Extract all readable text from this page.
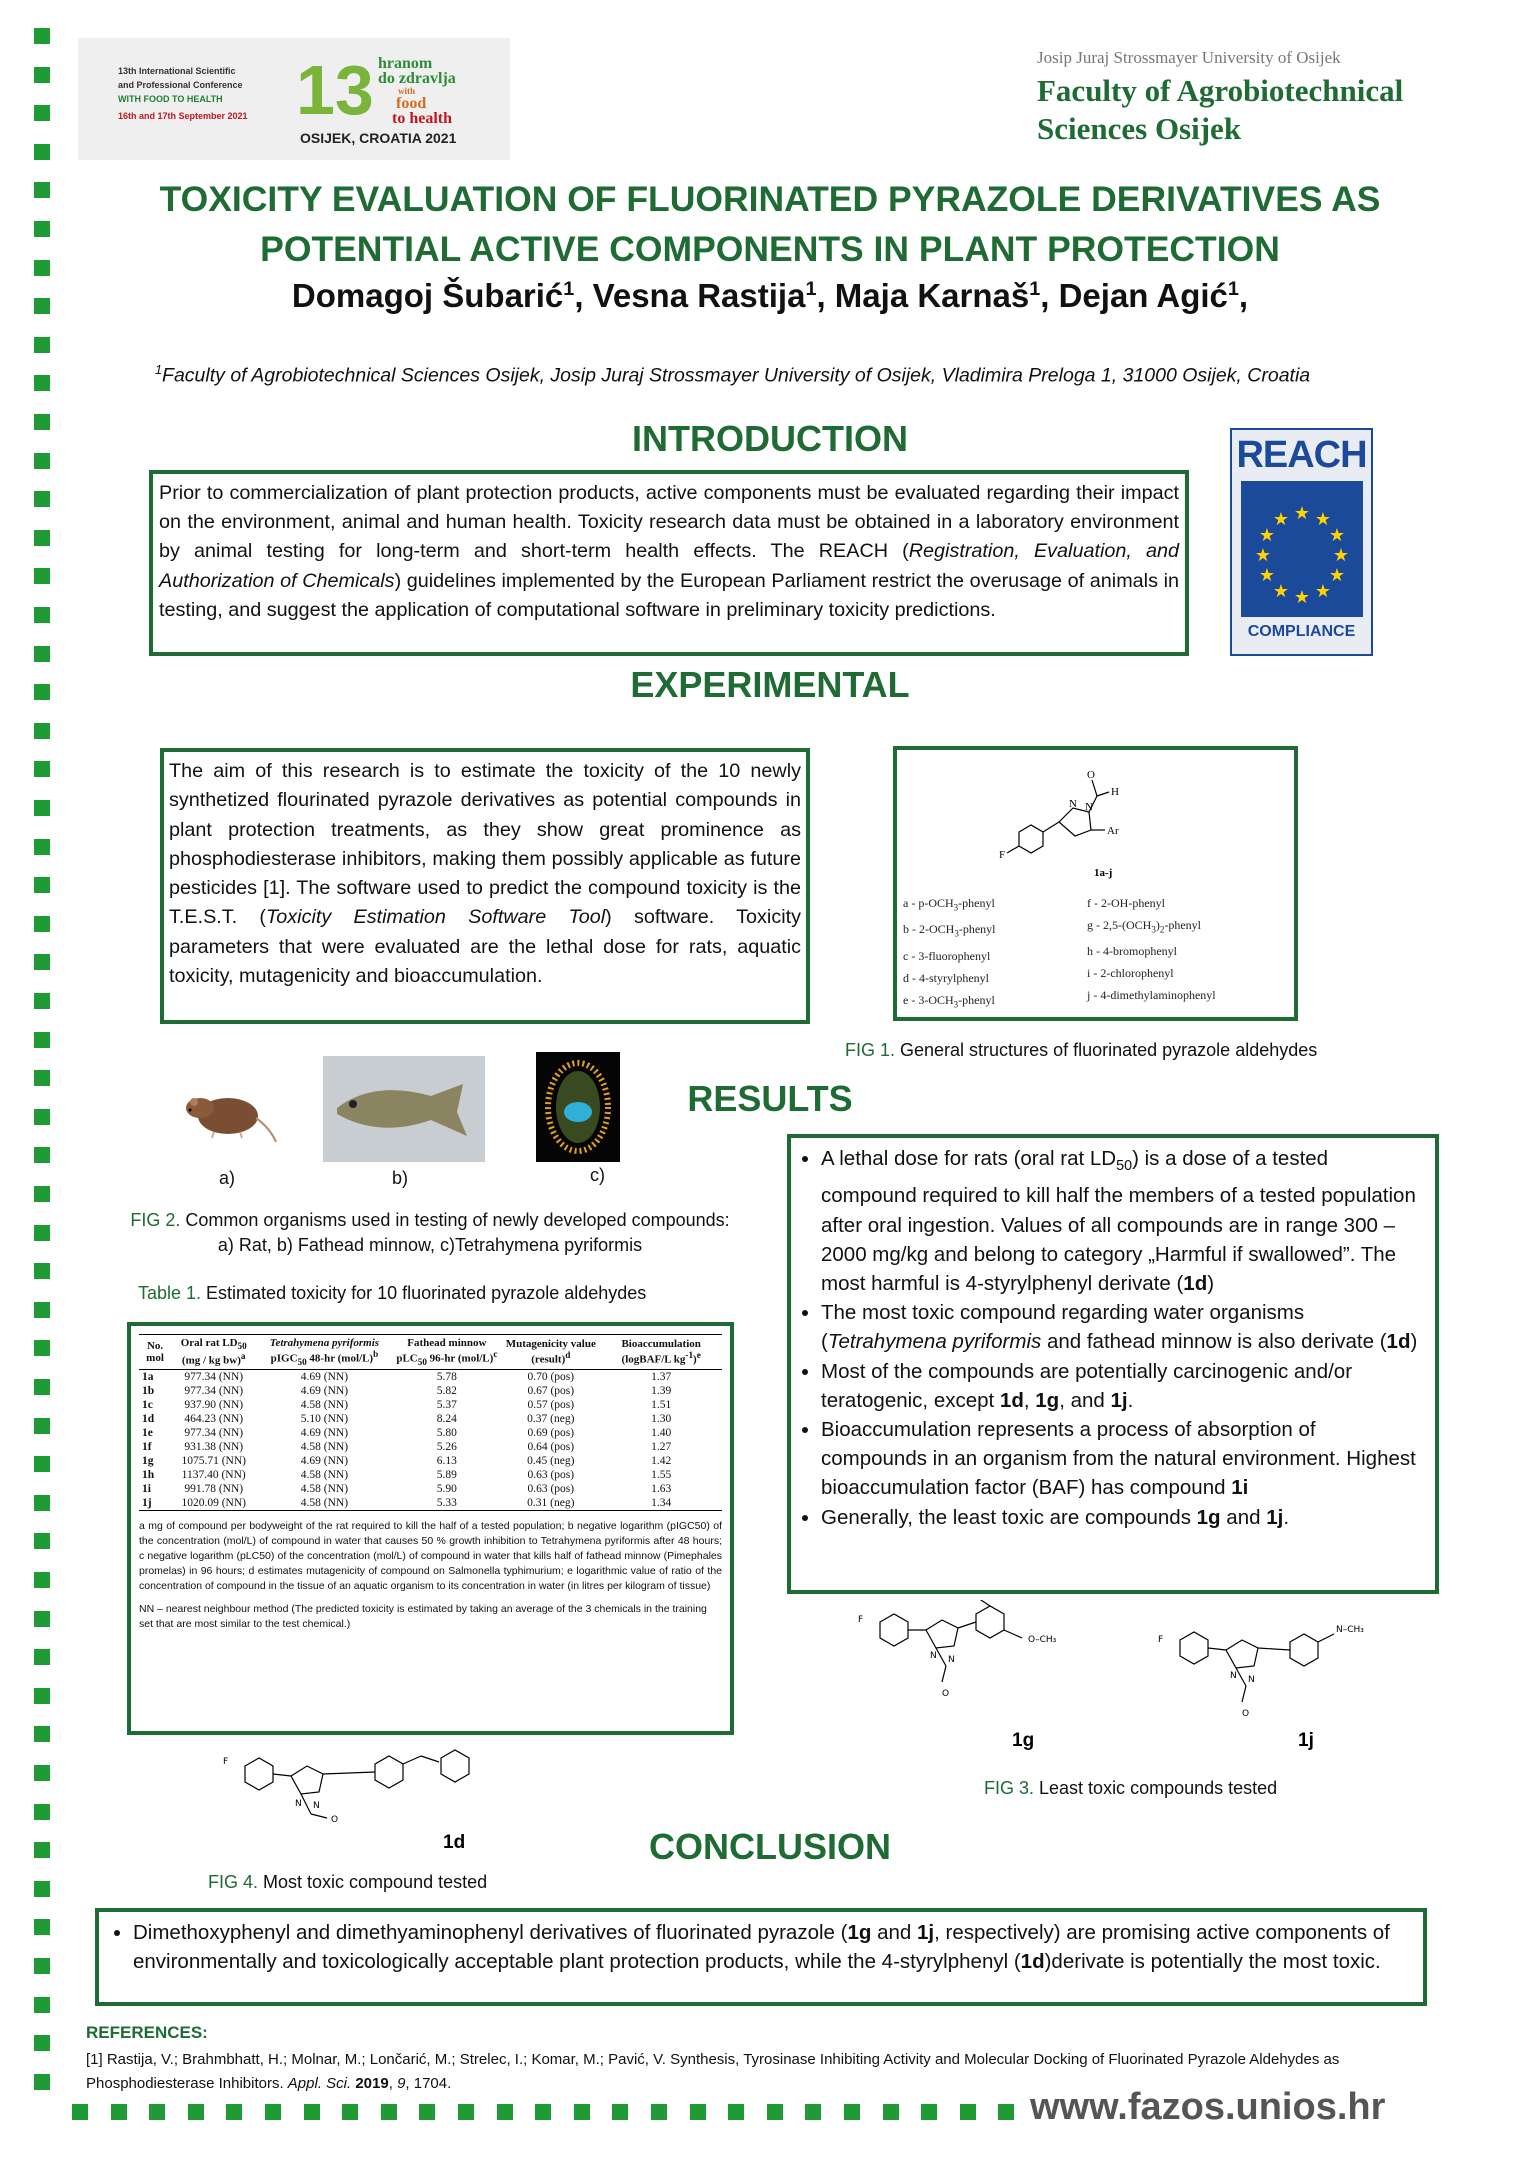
13th International Scientific
and Professional Conference
WITH FOOD TO HEALTH
16th and 17th September 2021 13 hranom
do zdravlja
with
food
to health
OSIJEK, CROATIA 2021
Josip Juraj Strossmayer University of Osijek
Faculty of Agrobiotechnical
Sciences Osijek
TOXICITY EVALUATION OF FLUORINATED PYRAZOLE DERIVATIVES AS
POTENTIAL ACTIVE COMPONENTS IN PLANT PROTECTION
Domagoj Šubarić$^1$, Vesna Rastija$^1$, Maja Karnaš$^1$, Dejan Agić$^1$,
$^1$Faculty of Agrobiotechnical Sciences Osijek, Josip Juraj Strossmayer University of Osijek, Vladimira Preloga 1, 31000 Osijek, Croatia
INTRODUCTION
Prior to commercialization of plant protection products, active components must be evaluated regarding their impact on the environment, animal and human health. Toxicity research data must be obtained in a laboratory environment by animal testing for long-term and short-term health effects. The REACH (Registration, Evaluation, and Authorization of Chemicals) guidelines implemented by the European Parliament restrict the overusage of animals in testing, and suggest the application of computational software in preliminary toxicity predictions.
REACH
★ ★
★
★
★
★
★
★
★
★
★
★
COMPLIANCE
EXPERIMENTAL
The aim of this research is to estimate the toxicity of the 10 newly synthetized flourinated pyrazole derivatives as potential compounds in plant protection treatments, as they show great prominence as phosphodiesterase inhibitors, making them possibly applicable as future pesticides [1]. The software used to predict the compound toxicity is the T.E.S.T. (Toxicity Estimation Software Tool) software. Toxicity parameters that were evaluated are the lethal dose for rats, aquatic toxicity, mutagenicity and bioaccumulation.
F
N N
O
H
Ar
1a-j
a - $p-OCH_3$-phenyl
b - $2-OCH_3$-phenyl
c - 3-fluorophenyl
d - 4-styrylphenyl
e - $3-OCH_3$-phenyl
f - 2-OH-phenyl
g - $2,5-(OCH_3)_2$-phenyl
h - 4-bromophenyl
i - 2-chlorophenyl
j - 4-dimethylaminophenyl
FIG 1. General structures of fluorinated pyrazole aldehydes
a)	b)	c)
FIG 2. Common organisms used in testing of newly developed compounds:
a) Rat, b) Fathead minnow, c)Tetrahymena pyriformis
Table 1. Estimated toxicity for 10 fluorinated pyrazole aldehydes
No. mol	Oral rat $LD_{50}$ (mg / kg bw)$^a$	Tetrahymena pyriformis pIGC$_{50}$ 48-hr $(mol/L)^b$	Fathead minnow pLC$_{50}$ 96-hr $(mol/L)^c$	Mutagenicity value (result)$^d$	Bioaccumulation (logBAF/L $kg^{-1})^e$
1a	977.34 (NN)	4.69 (NN)	5.78	0.70 (pos)	1.37
1b	977.34 (NN)	4.69 (NN)	5.82	0.67 (pos)	1.39
1c	937.90 (NN)	4.58 (NN)	5.37	0.57 (pos)	1.51
1d	464.23 (NN)	5.10 (NN)	8.24	0.37 (neg)	1.30
1e	977.34 (NN)	4.69 (NN)	5.80	0.69 (pos)	1.40
1f	931.38 (NN)	4.58 (NN)	5.26	0.64 (pos)	1.27
1g	1075.71 (NN)	4.69 (NN)	6.13	0.45 (neg)	1.42
1h	1137.40 (NN)	4.58 (NN)	5.89	0.63 (pos)	1.55
1i	991.78 (NN)	4.58 (NN)	5.90	0.63 (pos)	1.63
1j	1020.09 (NN)	4.58 (NN)	5.33	0.31 (neg)	1.34
a mg of compound per bodyweight of the rat required to kill the half of a tested population; b negative logarithm (pIGC50) of the concentration (mol/L) of compound in water that causes 50 % growth inhibition to Tetrahymena pyriformis after 48 hours; c negative logarithm (pLC50) of the concentration (mol/L) of compound in water that kills half of fathead minnow (Pimephales promelas) in 96 hours; d estimates mutagenicity of compound on Salmonella typhimurium; e logarithmic value of ratio of the concentration of compound in the tissue of an aquatic organism to its concentration in water (in litres per kilogram of tissue)
NN – nearest neighbour method (The predicted toxicity is estimated by taking an average of the 3 chemicals in the training set that are most similar to the test chemical.)
RESULTS
• A lethal dose for rats (oral rat $LD_{50}$) is a dose of a tested compound required to kill half the members of a tested population after oral ingestion. Values of all compounds are in range 300 – 2000 mg/kg and belong to category „Harmful if swallowed”. The most harmful is 4-styrylphenyl derivate (1d)
• The most toxic compound regarding water organisms (Tetrahymena pyriformis and fathead minnow is also derivate (1d)
• Most of the compounds are potentially carcinogenic and/or teratogenic, except 1d, 1g, and 1j.
• Bioaccumulation represents a process of absorption of compounds in an organism from the natural environment. Highest bioaccumulation factor (BAF) has compound 1i
• Generally, the least toxic are compounds 1g and 1j.
F
N N
O
O–CH₃
1g
F
N N
O
N–CH₃
1j
FIG 3. Least toxic compounds tested
F
N N
O
1d
FIG 4. Most toxic compound tested
CONCLUSION
• Dimethoxyphenyl and dimethyaminophenyl derivatives of fluorinated pyrazole (1g and 1j, respectively) are promising active components of environmentally and toxicologically acceptable plant protection products, while the 4-styrylphenyl (1d)derivate is potentially the most toxic.
REFERENCES:
[1] Rastija, V.; Brahmbhatt, H.; Molnar, M.; Lončarić, M.; Strelec, I.; Komar, M.; Pavić, V. Synthesis, Tyrosinase Inhibiting Activity and Molecular Docking of Fluorinated Pyrazole Aldehydes as Phosphodiesterase Inhibitors. Appl. Sci. 2019, 9, 1704.
www.fazos.unios.hr
